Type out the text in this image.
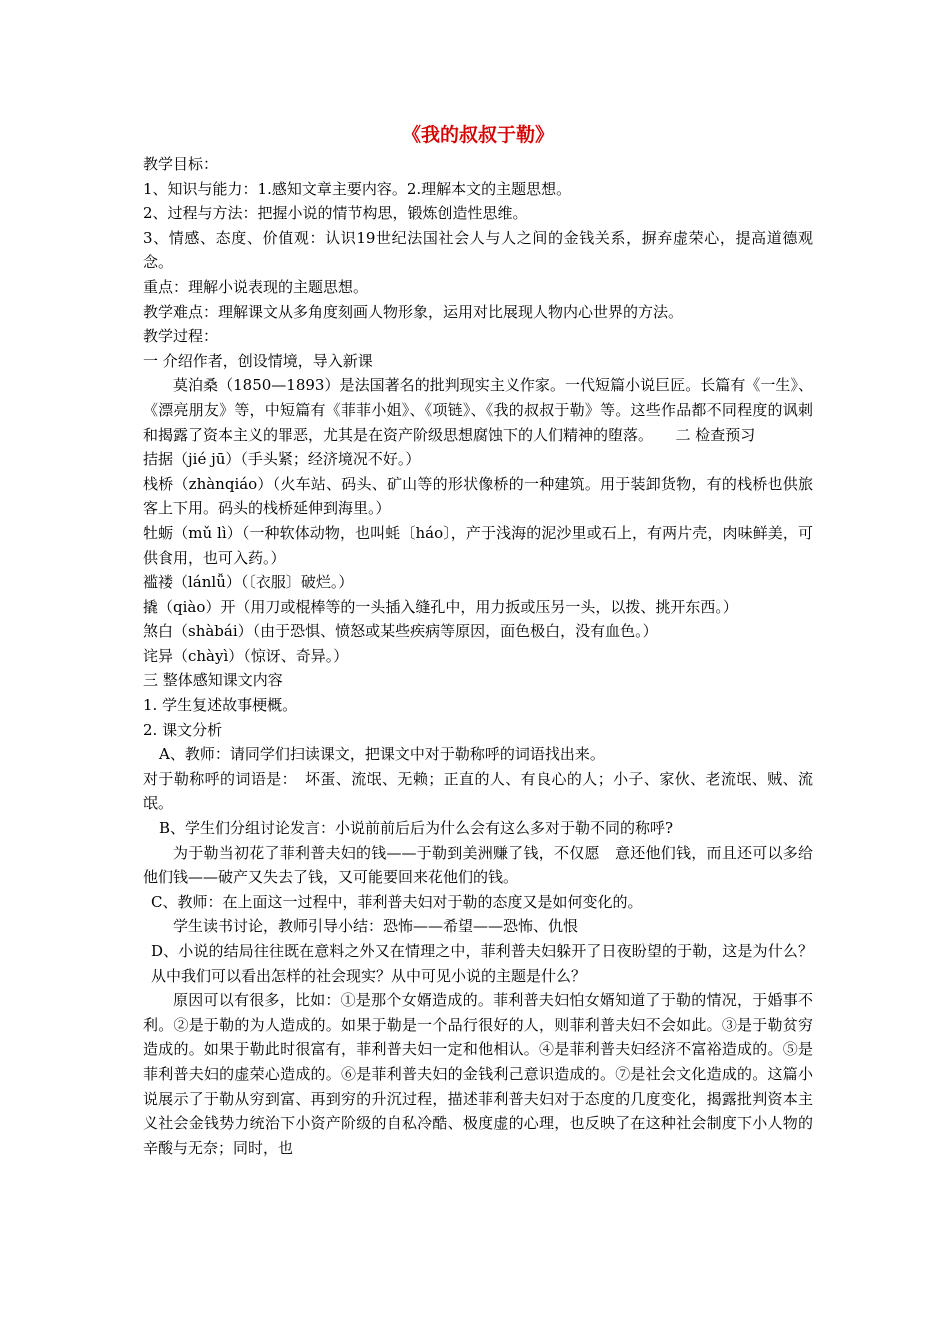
《我的叔叔于勒》

教学目标：

1、知识与能力：1.感知文章主要内容。2.理解本文的主题思想。

2、过程与方法：把握小说的情节构思，锻炼创造性思维。

3、情感、态度、价值观：认识19世纪法国社会人与人之间的金钱关系，摒弃虚荣心，提高道德观念。

重点：理解小说表现的主题思想。

教学难点：理解课文从多角度刻画人物形象，运用对比展现人物内心世界的方法。

教学过程：

一 介绍作者，创设情境，导入新课

莫泊桑（1850—1893）是法国著名的批判现实主义作家。一代短篇小说巨匠。长篇有《一生》、《漂亮朋友》等，中短篇有《菲菲小姐》、《项链》、《我的叔叔于勒》等。这些作品都不同程度的讽刺和揭露了资本主义的罪恶，尤其是在资产阶级思想腐蚀下的人们精神的堕落。　　二 检查预习

拮据（jié jū）（手头紧；经济境况不好。）

栈桥（zhànqiáo）（火车站、码头、矿山等的形状像桥的一种建筑。用于装卸货物，有的栈桥也供旅客上下用。码头的栈桥延伸到海里。）

牡蛎（mǔ lì）（一种软体动物，也叫蚝〔háo〕，产于浅海的泥沙里或石上，有两片壳，肉味鲜美，可供食用，也可入药。）

褴褛（lánlǚ）（〔衣服〕破烂。）

撬（qiào）开（用刀或棍棒等的一头插入缝孔中，用力扳或压另一头，以拨、挑开东西。）

煞白（shàbái）（由于恐惧、愤怒或某些疾病等原因，面色极白，没有血色。）

诧异（chàyì）（惊讶、奇异。）

三 整体感知课文内容

1. 学生复述故事梗概。

2. 课文分析

A、教师：请同学们扫读课文，把课文中对于勒称呼的词语找出来。

对于勒称呼的词语是：　坏蛋、流氓、无赖；正直的人、有良心的人；小子、家伙、老流氓、贼、流氓。

B、学生们分组讨论发言：小说前前后后为什么会有这么多对于勒不同的称呼?

为于勒当初花了菲利普夫妇的钱——于勒到美洲赚了钱，不仅愿　意还他们钱，而且还可以多给他们钱——破产又失去了钱，又可能要回来花他们的钱。

C、教师：在上面这一过程中，菲利普夫妇对于勒的态度又是如何变化的。

学生读书讨论，教师引导小结：恐怖——希望——恐怖、仇恨

D、小说的结局往往既在意料之外又在情理之中，菲利普夫妇躲开了日夜盼望的于勒，这是为什么？从中我们可以看出怎样的社会现实？从中可见小说的主题是什么？

原因可以有很多，比如：①是那个女婿造成的。菲利普夫妇怕女婿知道了于勒的情况，于婚事不利。②是于勒的为人造成的。如果于勒是一个品行很好的人，则菲利普夫妇不会如此。③是于勒贫穷造成的。如果于勒此时很富有，菲利普夫妇一定和他相认。④是菲利普夫妇经济不富裕造成的。⑤是菲利普夫妇的虚荣心造成的。⑥是菲利普夫妇的金钱利己意识造成的。⑦是社会文化造成的。这篇小说展示了于勒从穷到富、再到穷的升沉过程，描述菲利普夫妇对于态度的几度变化，揭露批判资本主义社会金钱势力统治下小资产阶级的自私冷酷、极度虚的心理，也反映了在这种社会制度下小人物的辛酸与无奈；同时，也
